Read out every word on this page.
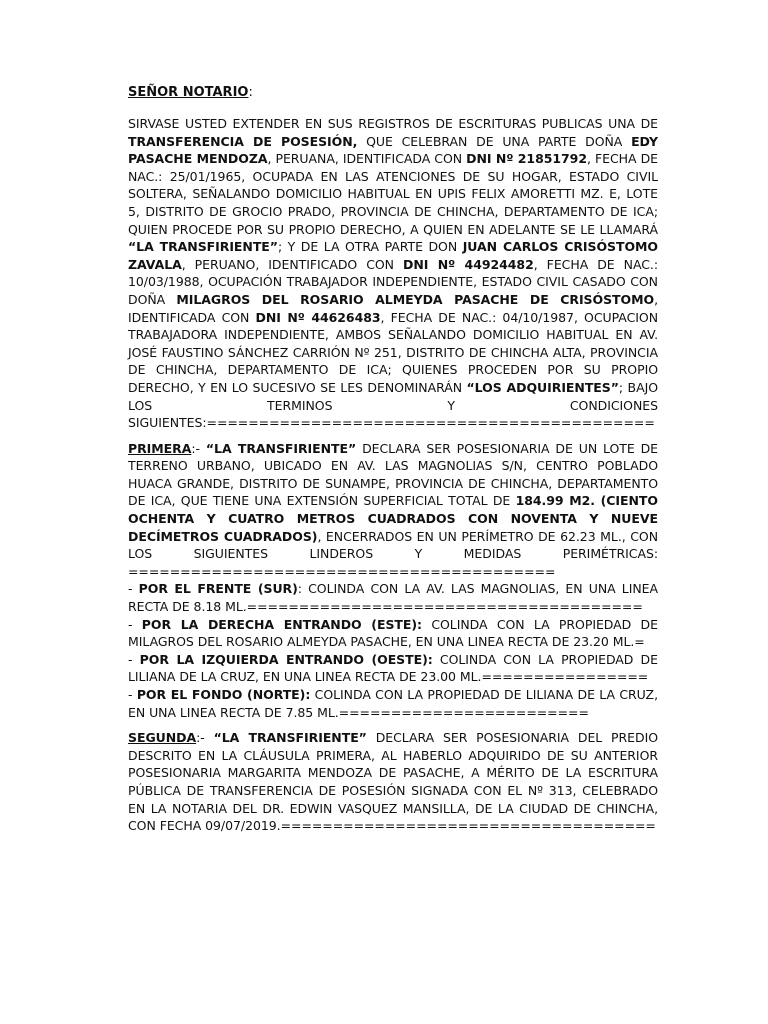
SEÑOR NOTARIO:

SIRVASE USTED EXTENDER EN SUS REGISTROS DE ESCRITURAS PUBLICAS UNA DE TRANSFERENCIA DE POSESIÓN, QUE CELEBRAN DE UNA PARTE DOÑA EDY PASACHE MENDOZA, PERUANA, IDENTIFICADA CON DNI Nº 21851792, FECHA DE NAC.: 25/01/1965, OCUPADA EN LAS ATENCIONES DE SU HOGAR, ESTADO CIVIL SOLTERA, SEÑALANDO DOMICILIO HABITUAL EN UPIS FELIX AMORETTI MZ. E, LOTE 5, DISTRITO DE GROCIO PRADO, PROVINCIA DE CHINCHA, DEPARTAMENTO DE ICA; QUIEN PROCEDE POR SU PROPIO DERECHO, A QUIEN EN ADELANTE SE LE LLAMARÁ “LA TRANSFIRIENTE”; Y DE LA OTRA PARTE DON JUAN CARLOS CRISÓSTOMO ZAVALA, PERUANO, IDENTIFICADO CON DNI Nº 44924482, FECHA DE NAC.: 10/03/1988, OCUPACIÓN TRABAJADOR INDEPENDIENTE, ESTADO CIVIL CASADO CON DOÑA MILAGROS DEL ROSARIO ALMEYDA PASACHE DE CRISÓSTOMO, IDENTIFICADA CON DNI Nº 44626483, FECHA DE NAC.: 04/10/1987, OCUPACION TRABAJADORA INDEPENDIENTE, AMBOS SEÑALANDO DOMICILIO HABITUAL EN AV. JOSÉ FAUSTINO SÁNCHEZ CARRIÓN Nº 251, DISTRITO DE CHINCHA ALTA, PROVINCIA DE CHINCHA, DEPARTAMENTO DE ICA; QUIENES PROCEDEN POR SU PROPIO DERECHO, Y EN LO SUCESIVO SE LES DENOMINARÁN “LOS ADQUIRIENTES”; BAJO LOS TERMINOS Y CONDICIONES SIGUIENTES:===========================================

PRIMERA:- “LA TRANSFIRIENTE” DECLARA SER POSESIONARIA DE UN LOTE DE TERRENO URBANO, UBICADO EN AV. LAS MAGNOLIAS S/N, CENTRO POBLADO HUACA GRANDE, DISTRITO DE SUNAMPE, PROVINCIA DE CHINCHA, DEPARTAMENTO DE ICA, QUE TIENE UNA EXTENSIÓN SUPERFICIAL TOTAL DE 184.99 M2. (CIENTO OCHENTA Y CUATRO METROS CUADRADOS CON NOVENTA Y NUEVE DECÍMETROS CUADRADOS), ENCERRADOS EN UN PERÍMETRO DE 62.23 ML., CON LOS SIGUIENTES LINDEROS Y MEDIDAS PERIMÉTRICAS: =========================================
- POR EL FRENTE (SUR): COLINDA CON LA AV. LAS MAGNOLIAS, EN UNA LINEA RECTA DE 8.18 ML.======================================
- POR LA DERECHA ENTRANDO (ESTE): COLINDA CON LA PROPIEDAD DE MILAGROS DEL ROSARIO ALMEYDA PASACHE, EN UNA LINEA RECTA DE 23.20 ML.=
- POR LA IZQUIERDA ENTRANDO (OESTE): COLINDA CON LA PROPIEDAD DE LILIANA DE LA CRUZ, EN UNA LINEA RECTA DE 23.00 ML.================
- POR EL FONDO (NORTE): COLINDA CON LA PROPIEDAD DE LILIANA DE LA CRUZ, EN UNA LINEA RECTA DE 7.85 ML.========================

SEGUNDA:- “LA TRANSFIRIENTE” DECLARA SER POSESIONARIA DEL PREDIO DESCRITO EN LA CLÁUSULA PRIMERA, AL HABERLO ADQUIRIDO DE SU ANTERIOR POSESIONARIA MARGARITA MENDOZA DE PASACHE, A MÉRITO DE LA ESCRITURA PÚBLICA DE TRANSFERENCIA DE POSESIÓN SIGNADA CON EL Nº 313, CELEBRADO EN LA NOTARIA DEL DR. EDWIN VASQUEZ MANSILLA, DE LA CIUDAD DE CHINCHA, CON FECHA 09/07/2019.====================================
